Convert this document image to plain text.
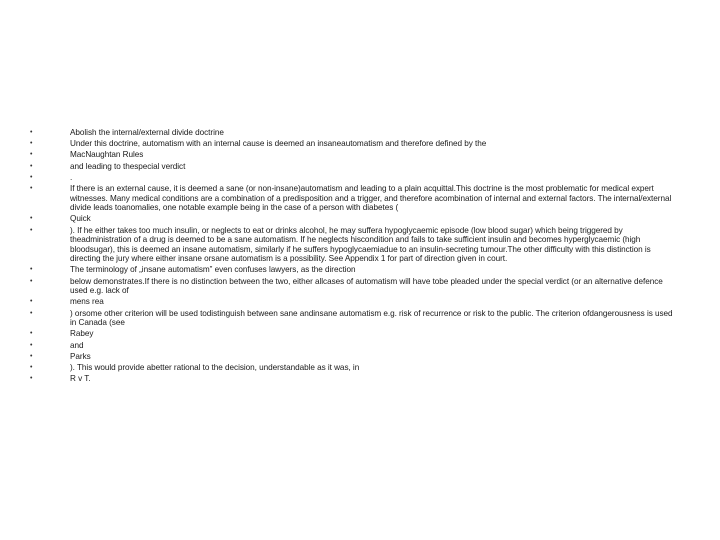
•	Abolish the internal/external divide doctrine
•	Under this doctrine, automatism with an internal cause is deemed an insaneautomatism and therefore defined by the
•	MacNaughtan Rules
•	and leading to thespecial verdict
•	.
•	If there is an external cause, it is deemed a sane (or non-insane)automatism and leading to a plain acquittal.This doctrine is the most problematic for medical expert witnesses. Many medical conditions are a combination of a predisposition and a trigger, and therefore acombination of internal and external factors. The internal/external divide leads toanomalies, one notable example being in the case of a person with diabetes (
•	Quick
•	). If he either takes too much insulin, or neglects to eat or drinks alcohol, he may suffera hypoglycaemic episode (low blood sugar) which being triggered by theadministration of a drug is deemed to be a sane automatism. If he neglects hiscondition and fails to take sufficient insulin and becomes hyperglycaemic (high bloodsugar), this is deemed an insane automatism, similarly if he suffers hypoglycaemiadue to an insulin-secreting tumour.The other difficulty with this distinction is directing the jury where either insane orsane automatism is a possibility. See Appendix 1 for part of direction given in court.
•	The terminology of „insane automatism” even confuses lawyers, as the direction
•	below demonstrates.If there is no distinction between the two, either allcases of automatism will have tobe pleaded under the special verdict (or an alternative defence used e.g. lack of
•	mens rea
•	) orsome other criterion will be used todistinguish between sane andinsane automatism e.g. risk of recurrence or risk to the public. The criterion ofdangerousness is used in Canada (see
•	Rabey
•	and
•	Parks
•	). This would provide abetter rational to the decision, understandable as it was, in
•	R v T.
